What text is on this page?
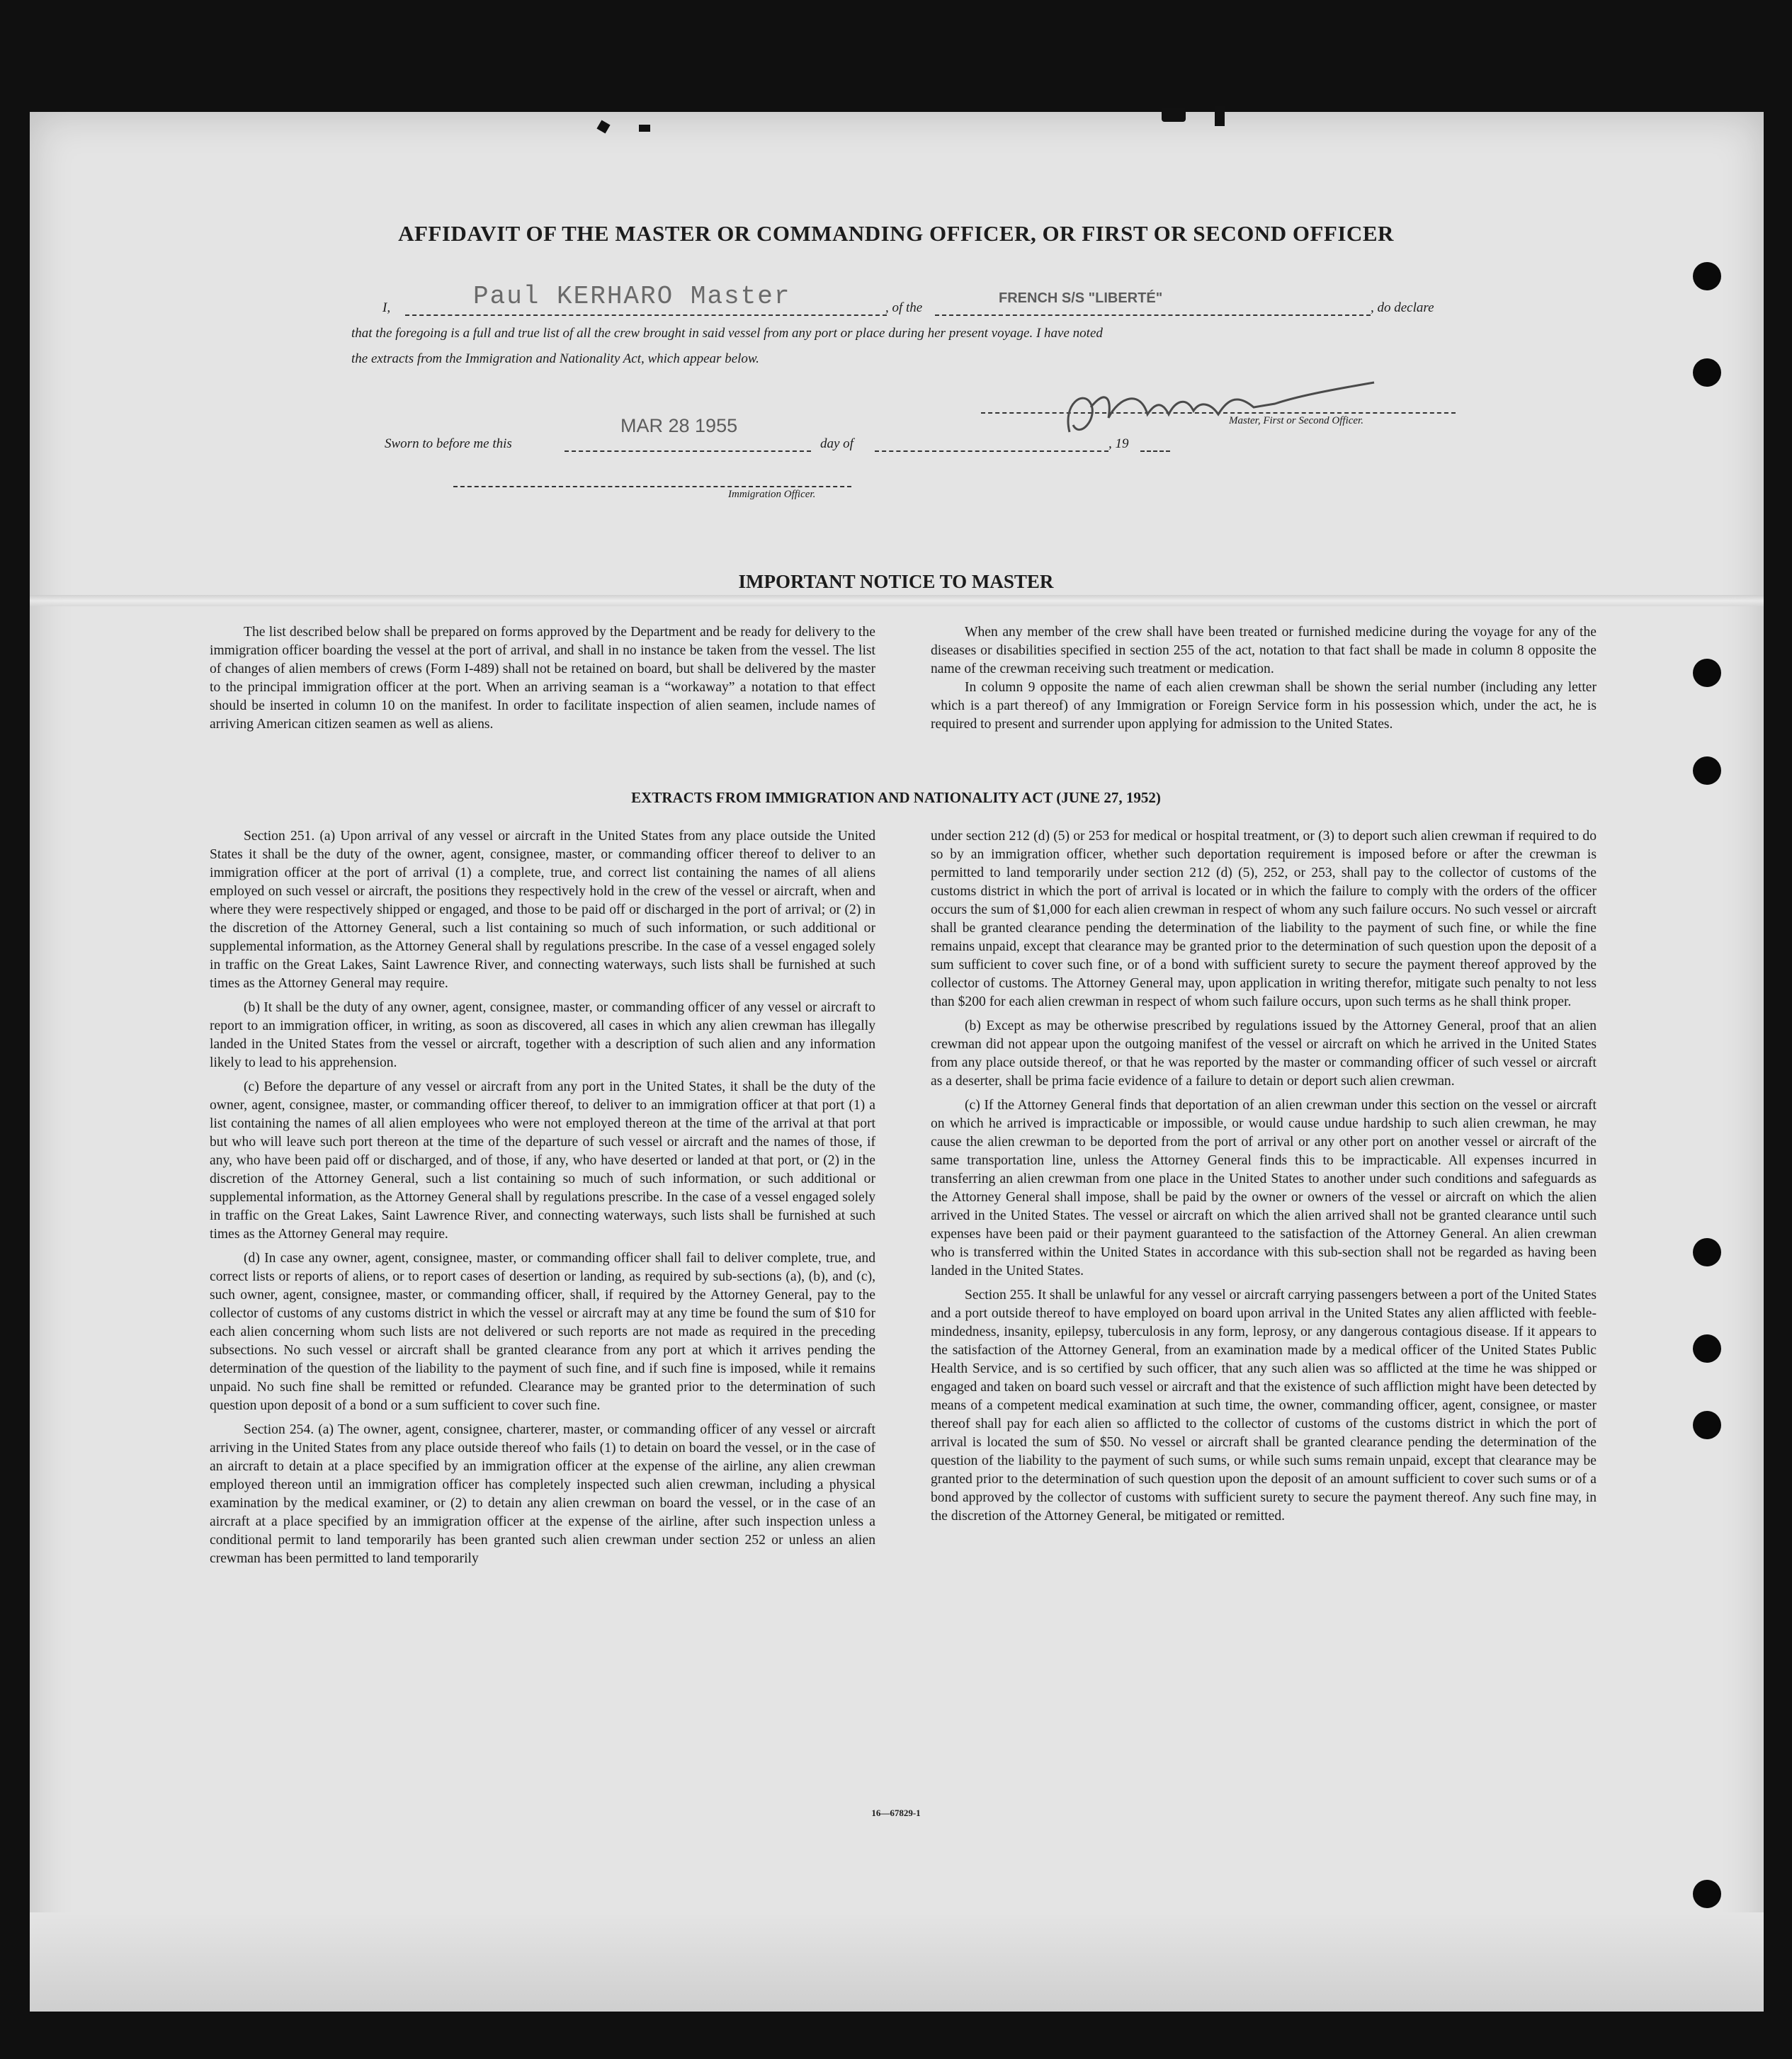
AFFIDAVIT OF THE MASTER OR COMMANDING OFFICER, OR FIRST OR SECOND OFFICER
I,	Paul KERHARO Master	, of the
FRENCH S/S "LIBERTÉ"
, do declare
that the foregoing is a full and true list of all the crew brought in said vessel from any port or place during her present voyage. I have noted
the extracts from the Immigration and Nationality Act, which appear below.
Master, First or Second Officer.
Sworn to before me this
MAR 28 1955
day of	, 19
Immigration Officer.
IMPORTANT NOTICE TO MASTER

The list described below shall be prepared on forms approved by the Department and be ready for delivery to the immigration officer boarding the vessel at the port of arrival, and shall in no instance be taken from the vessel. The list of changes of alien members of crews (Form I-489) shall not be retained on board, but shall be delivered by the master to the principal immigration officer at the port. When an arriving seaman is a “workaway” a notation to that effect should be inserted in column 10 on the manifest. In order to facilitate inspection of alien seamen, include names of arriving American citizen seamen as well as aliens.

When any member of the crew shall have been treated or furnished medicine during the voyage for any of the diseases or disabilities specified in section 255 of the act, notation to that fact shall be made in column 8 opposite the name of the crewman receiving such treatment or medication.

In column 9 opposite the name of each alien crewman shall be shown the serial number (including any letter which is a part thereof) of any Immigration or Foreign Service form in his possession which, under the act, he is required to present and surrender upon applying for admission to the United States.

EXTRACTS FROM IMMIGRATION AND NATIONALITY ACT (JUNE 27, 1952)

Section 251. (a) Upon arrival of any vessel or aircraft in the United States from any place outside the United States it shall be the duty of the owner, agent, consignee, master, or commanding officer thereof to deliver to an immigration officer at the port of arrival (1) a complete, true, and correct list containing the names of all aliens employed on such vessel or aircraft, the positions they respectively hold in the crew of the vessel or aircraft, when and where they were respectively shipped or engaged, and those to be paid off or discharged in the port of arrival; or (2) in the discretion of the Attorney General, such a list containing so much of such information, or such additional or supplemental information, as the Attorney General shall by regulations prescribe. In the case of a vessel engaged solely in traffic on the Great Lakes, Saint Lawrence River, and connecting waterways, such lists shall be furnished at such times as the Attorney General may require.

(b) It shall be the duty of any owner, agent, consignee, master, or commanding officer of any vessel or aircraft to report to an immigration officer, in writing, as soon as discovered, all cases in which any alien crewman has illegally landed in the United States from the vessel or aircraft, together with a description of such alien and any information likely to lead to his apprehension.

(c) Before the departure of any vessel or aircraft from any port in the United States, it shall be the duty of the owner, agent, consignee, master, or commanding officer thereof, to deliver to an immigration officer at that port (1) a list containing the names of all alien employees who were not employed thereon at the time of the arrival at that port but who will leave such port thereon at the time of the departure of such vessel or aircraft and the names of those, if any, who have been paid off or discharged, and of those, if any, who have deserted or landed at that port, or (2) in the discretion of the Attorney General, such a list containing so much of such information, or such additional or supplemental information, as the Attorney General shall by regulations prescribe. In the case of a vessel engaged solely in traffic on the Great Lakes, Saint Lawrence River, and connecting waterways, such lists shall be furnished at such times as the Attorney General may require.

(d) In case any owner, agent, consignee, master, or commanding officer shall fail to deliver complete, true, and correct lists or reports of aliens, or to report cases of desertion or landing, as required by sub-sections (a), (b), and (c), such owner, agent, consignee, master, or commanding officer, shall, if required by the Attorney General, pay to the collector of customs of any customs district in which the vessel or aircraft may at any time be found the sum of $10 for each alien concerning whom such lists are not delivered or such reports are not made as required in the preceding subsections. No such vessel or aircraft shall be granted clearance from any port at which it arrives pending the determination of the question of the liability to the payment of such fine, and if such fine is imposed, while it remains unpaid. No such fine shall be remitted or refunded. Clearance may be granted prior to the determination of such question upon deposit of a bond or a sum sufficient to cover such fine.

Section 254. (a) The owner, agent, consignee, charterer, master, or commanding officer of any vessel or aircraft arriving in the United States from any place outside thereof who fails (1) to detain on board the vessel, or in the case of an aircraft to detain at a place specified by an immigration officer at the expense of the airline, any alien crewman employed thereon until an immigration officer has completely inspected such alien crewman, including a physical examination by the medical examiner, or (2) to detain any alien crewman on board the vessel, or in the case of an aircraft at a place specified by an immigration officer at the expense of the airline, after such inspection unless a conditional permit to land temporarily has been granted such alien crewman under section 252 or unless an alien crewman has been permitted to land temporarily

under section 212 (d) (5) or 253 for medical or hospital treatment, or (3) to deport such alien crewman if required to do so by an immigration officer, whether such deportation requirement is imposed before or after the crewman is permitted to land temporarily under section 212 (d) (5), 252, or 253, shall pay to the collector of customs of the customs district in which the port of arrival is located or in which the failure to comply with the orders of the officer occurs the sum of $1,000 for each alien crewman in respect of whom any such failure occurs. No such vessel or aircraft shall be granted clearance pending the determination of the liability to the payment of such fine, or while the fine remains unpaid, except that clearance may be granted prior to the determination of such question upon the deposit of a sum sufficient to cover such fine, or of a bond with sufficient surety to secure the payment thereof approved by the collector of customs. The Attorney General may, upon application in writing therefor, mitigate such penalty to not less than $200 for each alien crewman in respect of whom such failure occurs, upon such terms as he shall think proper.

(b) Except as may be otherwise prescribed by regulations issued by the Attorney General, proof that an alien crewman did not appear upon the outgoing manifest of the vessel or aircraft on which he arrived in the United States from any place outside thereof, or that he was reported by the master or commanding officer of such vessel or aircraft as a deserter, shall be prima facie evidence of a failure to detain or deport such alien crewman.

(c) If the Attorney General finds that deportation of an alien crewman under this section on the vessel or aircraft on which he arrived is impracticable or impossible, or would cause undue hardship to such alien crewman, he may cause the alien crewman to be deported from the port of arrival or any other port on another vessel or aircraft of the same transportation line, unless the Attorney General finds this to be impracticable. All expenses incurred in transferring an alien crewman from one place in the United States to another under such conditions and safeguards as the Attorney General shall impose, shall be paid by the owner or owners of the vessel or aircraft on which the alien arrived in the United States. The vessel or aircraft on which the alien arrived shall not be granted clearance until such expenses have been paid or their payment guaranteed to the satisfaction of the Attorney General. An alien crewman who is transferred within the United States in accordance with this sub-section shall not be regarded as having been landed in the United States.

Section 255. It shall be unlawful for any vessel or aircraft carrying passengers between a port of the United States and a port outside thereof to have employed on board upon arrival in the United States any alien afflicted with feeble-mindedness, insanity, epilepsy, tuberculosis in any form, leprosy, or any dangerous contagious disease. If it appears to the satisfaction of the Attorney General, from an examination made by a medical officer of the United States Public Health Service, and is so certified by such officer, that any such alien was so afflicted at the time he was shipped or engaged and taken on board such vessel or aircraft and that the existence of such affliction might have been detected by means of a competent medical examination at such time, the owner, commanding officer, agent, consignee, or master thereof shall pay for each alien so afflicted to the collector of customs of the customs district in which the port of arrival is located the sum of $50. No vessel or aircraft shall be granted clearance pending the determination of the question of the liability to the payment of such sums, or while such sums remain unpaid, except that clearance may be granted prior to the determination of such question upon the deposit of an amount sufficient to cover such sums or of a bond approved by the collector of customs with sufficient surety to secure the payment thereof. Any such fine may, in the discretion of the Attorney General, be mitigated or remitted.

16—67829-1
